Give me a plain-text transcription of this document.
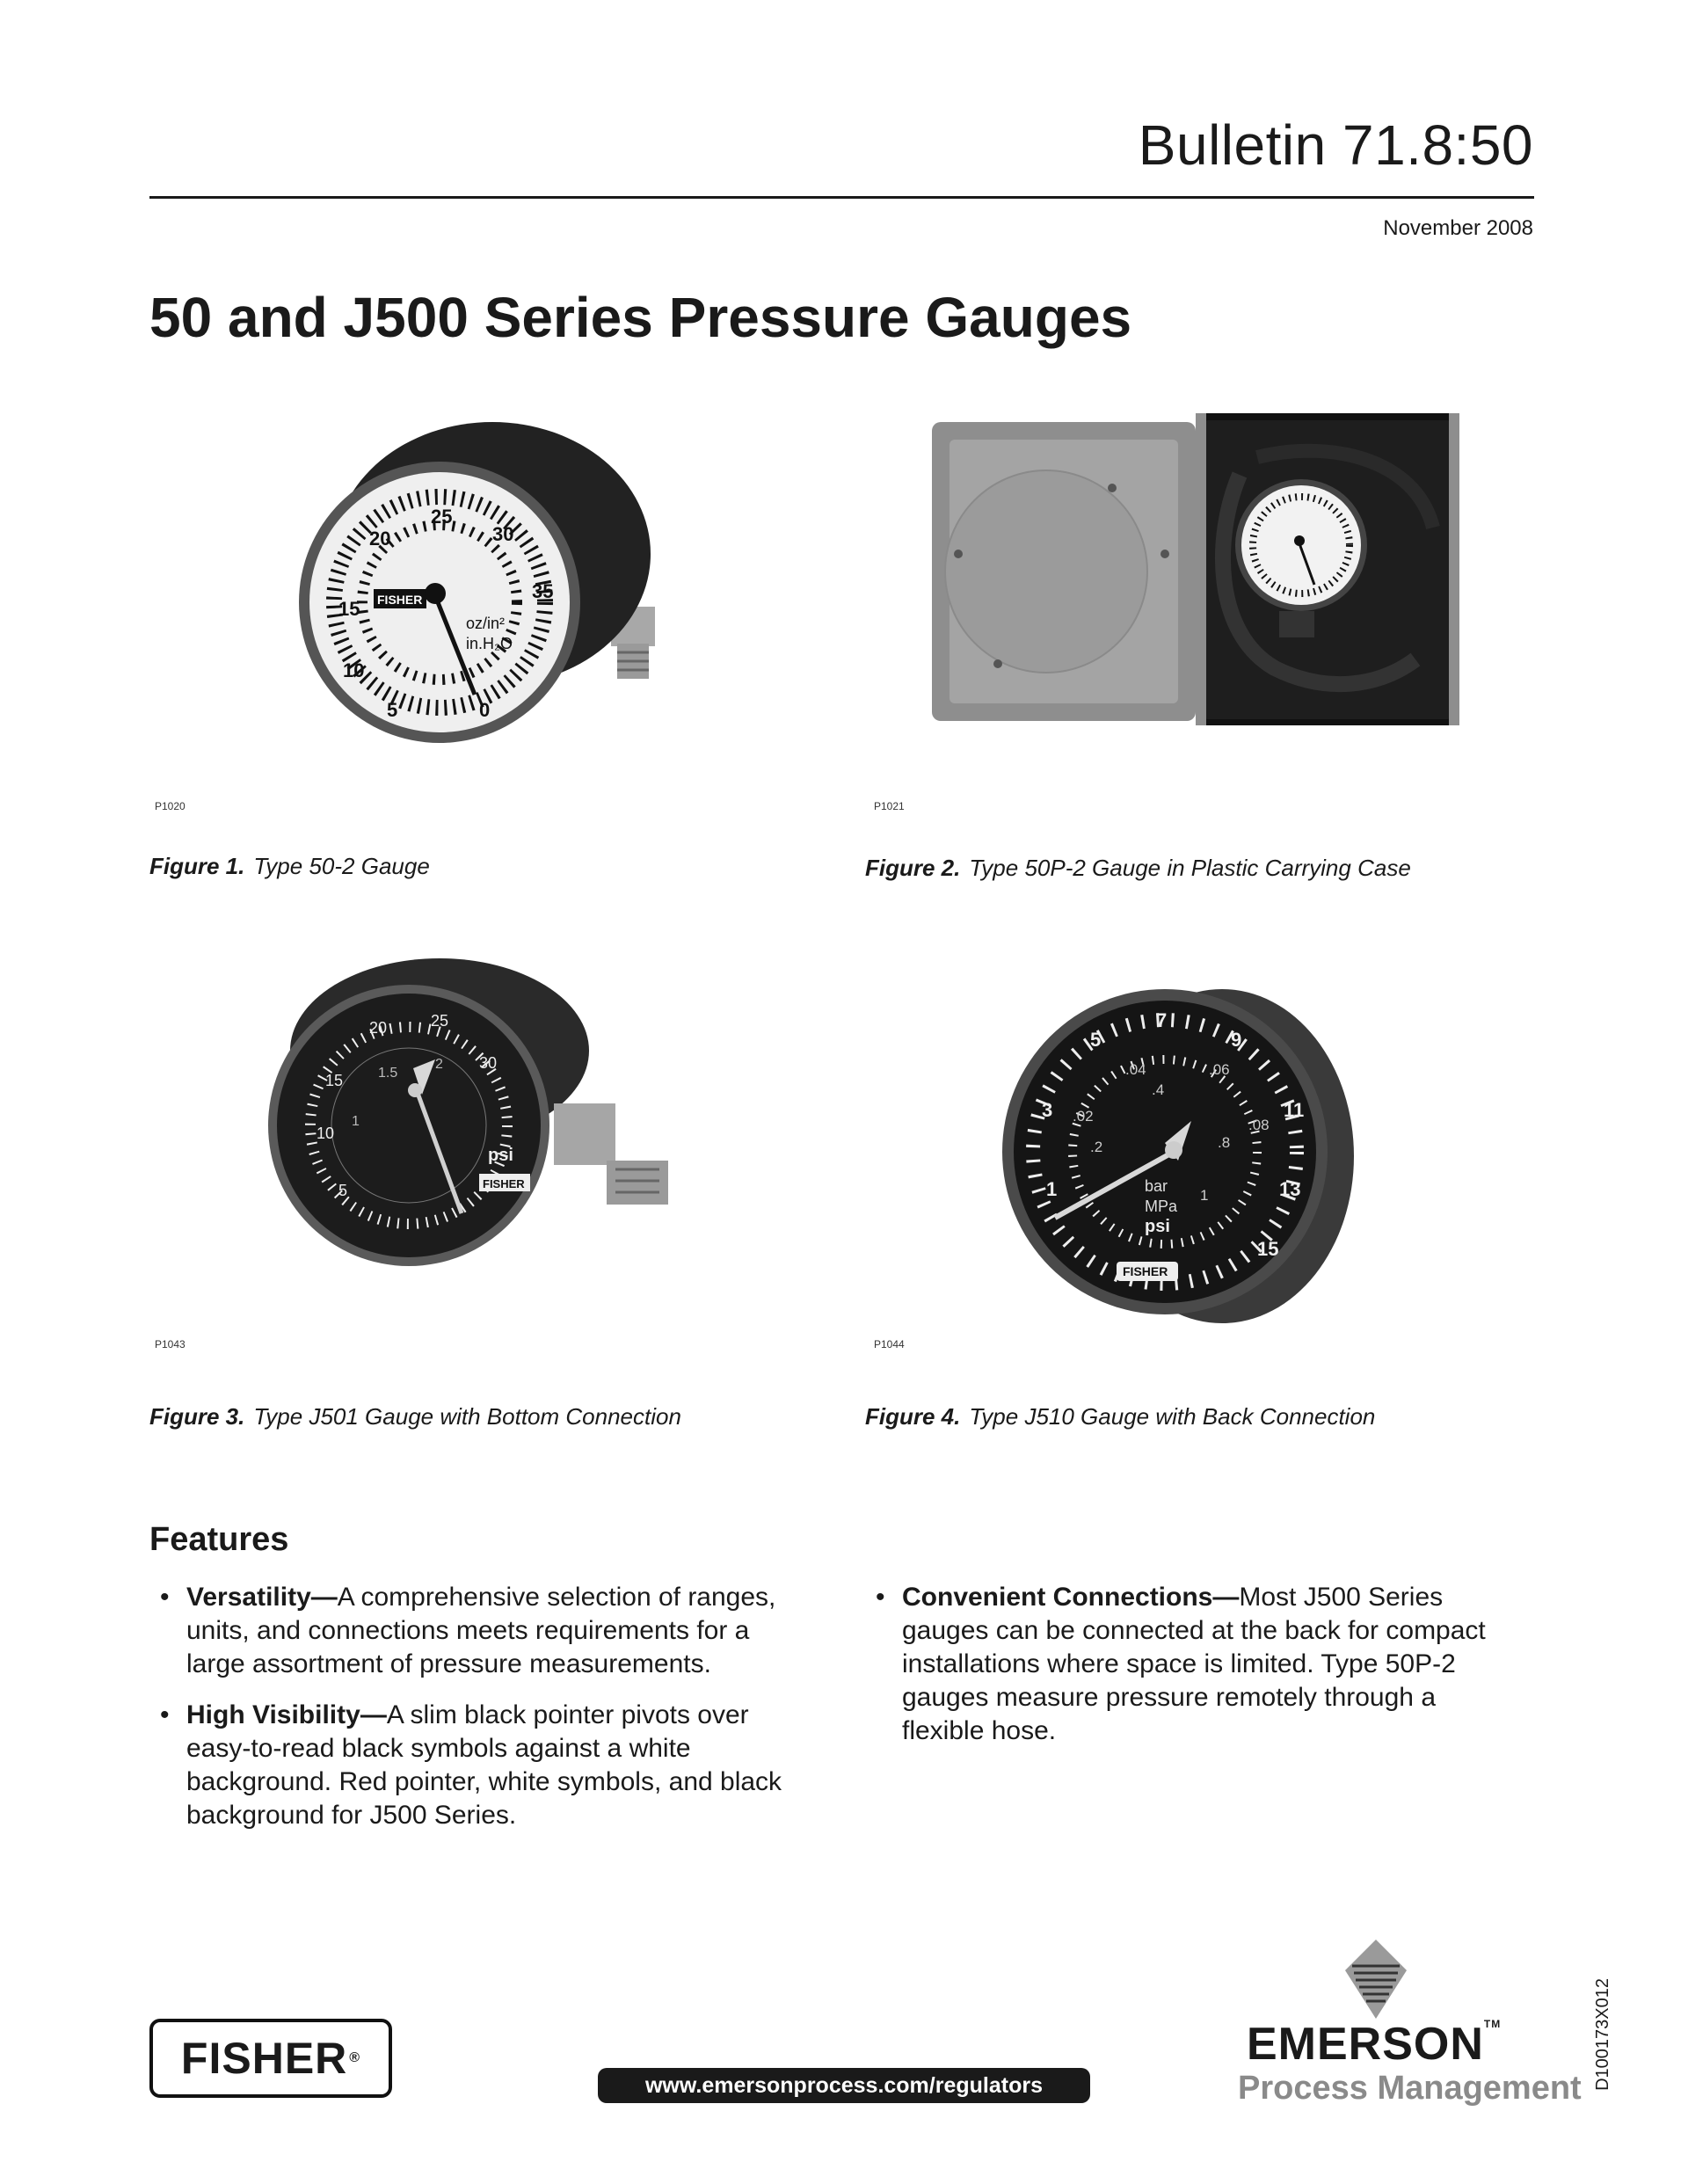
Bulletin 71.8:50
November 2008
50 and J500 Series Pressure Gauges
20
25
30
35
15
10
5	0
FISHER
oz/in²
in.H₂O
P1020
Figure 1. Type 50-2 Gauge
P1021
Figure 2. Type 50P-2 Gauge in Plastic Carrying Case
20	25
30
15
10
5
1.5
2
1
psi
FISHER
P1043
Figure 3. Type J501 Gauge with Bottom Connection
7
5	9
3	11
1	13
15
.04	.06
.02
.08
.4
.2	.8
1
bar
MPa
psi
FISHER
P1044
Figure 4. Type J510 Gauge with Back Connection
Features
• Versatility—A comprehensive selection of ranges, units, and connections meets requirements for a large assortment of pressure measurements.
• High Visibility—A slim black pointer pivots over easy-to-read black symbols against a white background. Red pointer, white symbols, and black background for J500 Series.
• Convenient Connections—Most J500 Series gauges can be connected at the back for compact installations where space is limited. Type 50P-2 gauges measure pressure remotely through a flexible hose.
D100173X012
FISHER ®
www.emersonprocess.com/regulators
EMERSON™
Process Management
